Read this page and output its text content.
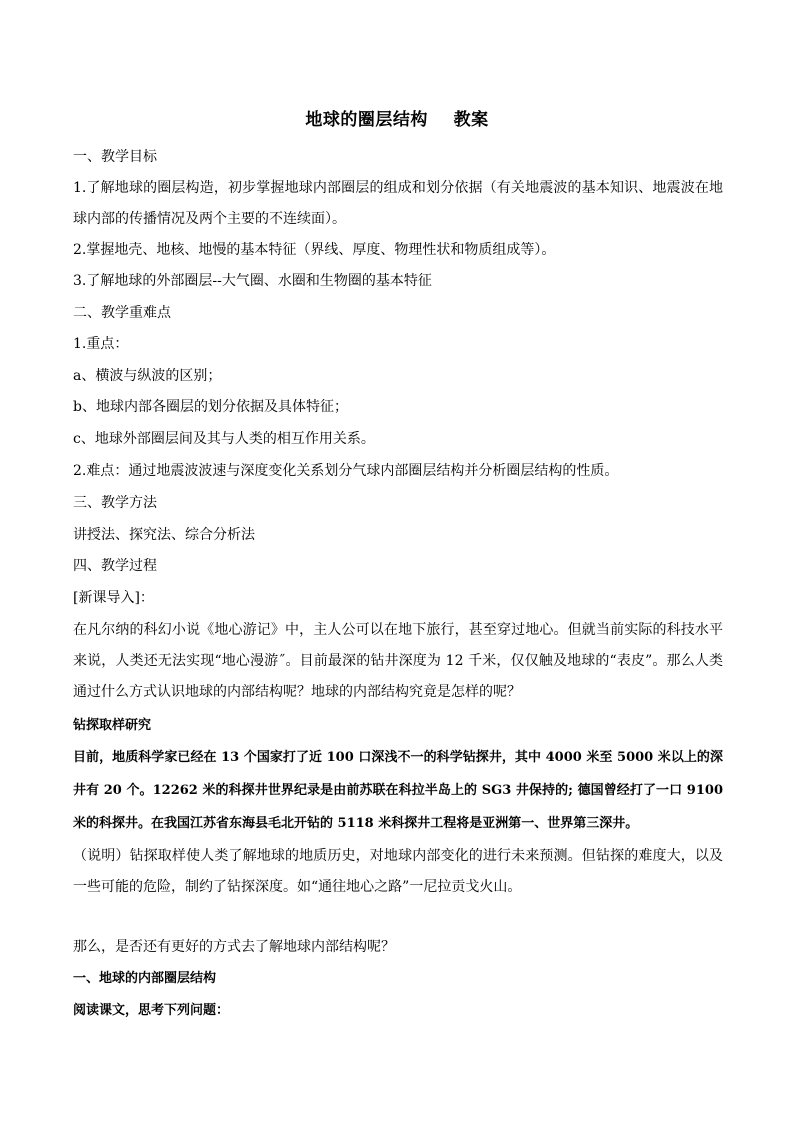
地球的圈层结构    教案

一、教学目标

1.了解地球的圈层构造，初步掌握地球内部圈层的组成和划分依据（有关地震波的基本知识、地震波在地球内部的传播情况及两个主要的不连续面）。

2.掌握地壳、地核、地慢的基本特征（界线、厚度、物理性状和物质组成等）。

3.了解地球的外部圈层--大气圈、水圈和生物圈的基本特征

二、教学重难点

1.重点：

a、横波与纵波的区别；

b、地球内部各圈层的划分依据及具体特征；

c、地球外部圈层间及其与人类的相互作用关系。

2.难点：通过地震波波速与深度变化关系划分气球内部圈层结构并分析圈层结构的性质。

三、教学方法

讲授法、探究法、综合分析法

四、教学过程

[新课导入]：

在凡尔纳的科幻小说《地心游记》中，主人公可以在地下旅行，甚至穿过地心。但就当前实际的科技水平来说，人类还无法实现“地心漫游˝。目前最深的钻井深度为 12 千米，仅仅触及地球的“表皮”。那么人类通过什么方式认识地球的内部结构呢？地球的内部结构究竟是怎样的呢？

钻探取样研究

目前，地质科学家已经在 13 个国家打了近 100 口深浅不一的科学钻探井，其中 4000 米至 5000 米以上的深井有 20 个。12262 米的科探井世界纪录是由前苏联在科拉半岛上的 SG3 井保持的; 德国曾经打了一口 9100 米的科探井。在我国江苏省东海县毛北开钻的 5118 米科探井工程将是亚洲第一、世界第三深井。

（说明）钻探取样使人类了解地球的地质历史，对地球内部变化的进行未来预测。但钻探的难度大，以及一些可能的危险，制约了钻探深度。如“通往地心之路”一尼拉贡戈火山。

那么，是否还有更好的方式去了解地球内部结构呢？

一、地球的内部圈层结构

阅读课文，思考下列问题：
